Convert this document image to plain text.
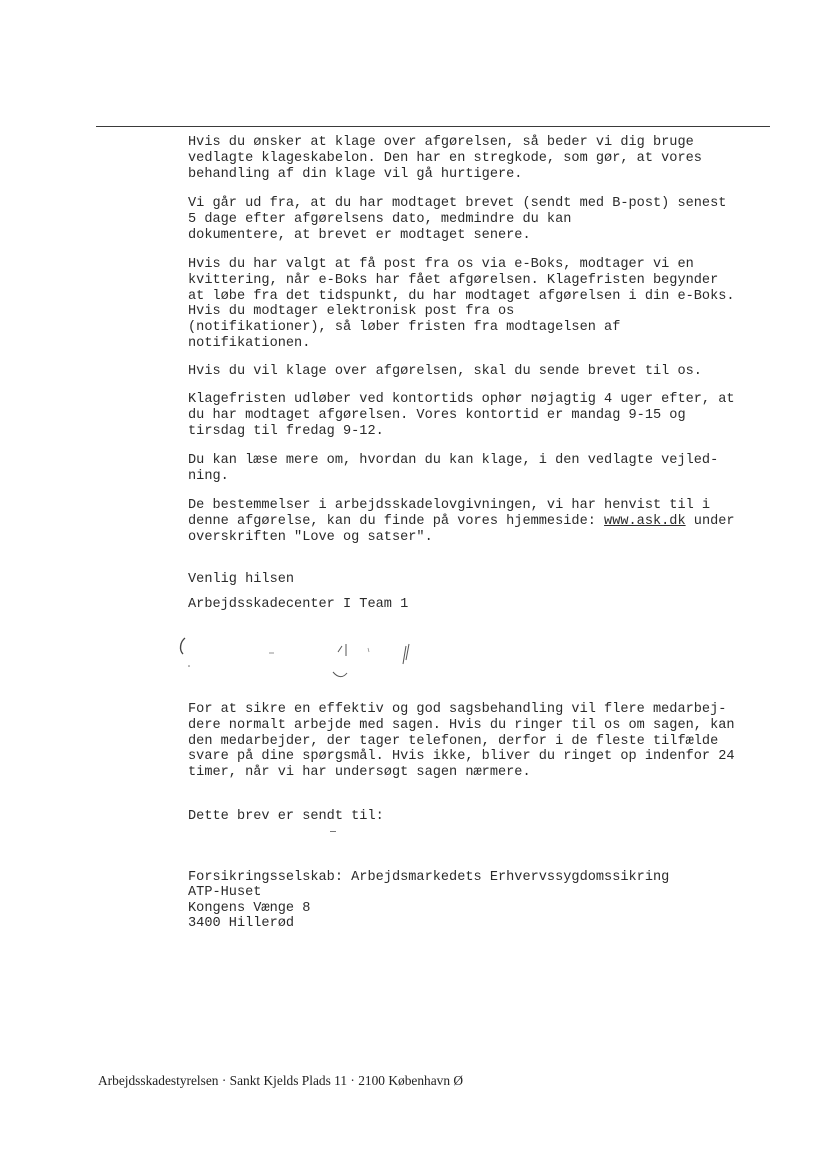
Hvis du ønsker at klage over afgørelsen, så beder vi dig bruge
vedlagte klageskabelon. Den har en stregkode, som gør, at vores
behandling af din klage vil gå hurtigere.

Vi går ud fra, at du har modtaget brevet (sendt med B-post) senest
5 dage efter afgørelsens dato, medmindre du kan
dokumentere, at brevet er modtaget senere.

Hvis du har valgt at få post fra os via e-Boks, modtager vi en
kvittering, når e-Boks har fået afgørelsen. Klagefristen begynder
at løbe fra det tidspunkt, du har modtaget afgørelsen i din e-Boks.
Hvis du modtager elektronisk post fra os
(notifikationer), så løber fristen fra modtagelsen af
notifikationen.

Hvis du vil klage over afgørelsen, skal du sende brevet til os.

Klagefristen udløber ved kontortids ophør nøjagtig 4 uger efter, at
du har modtaget afgørelsen. Vores kontortid er mandag 9-15 og
tirsdag til fredag 9-12.

Du kan læse mere om, hvordan du kan klage, i den vedlagte vejled-
ning.

De bestemmelser i arbejdsskadelovgivningen, vi har henvist til i
denne afgørelse, kan du finde på vores hjemmeside: www.ask.dk under
overskriften "Love og satser".

Venlig hilsen
Arbejdsskadecenter I Team 1

For at sikre en effektiv og god sagsbehandling vil flere medarbej-
dere normalt arbejde med sagen. Hvis du ringer til os om sagen, kan
den medarbejder, der tager telefonen, derfor i de fleste tilfælde
svare på dine spørgsmål. Hvis ikke, bliver du ringet op indenfor 24
timer, når vi har undersøgt sagen nærmere.

Dette brev er sendt til:
Forsikringsselskab: Arbejdsmarkedets Erhvervssygdomssikring
ATP-Huset
Kongens Vænge 8
3400 Hillerød
Arbejdsskadestyrelsen · Sankt Kjelds Plads 11 · 2100 København Ø
